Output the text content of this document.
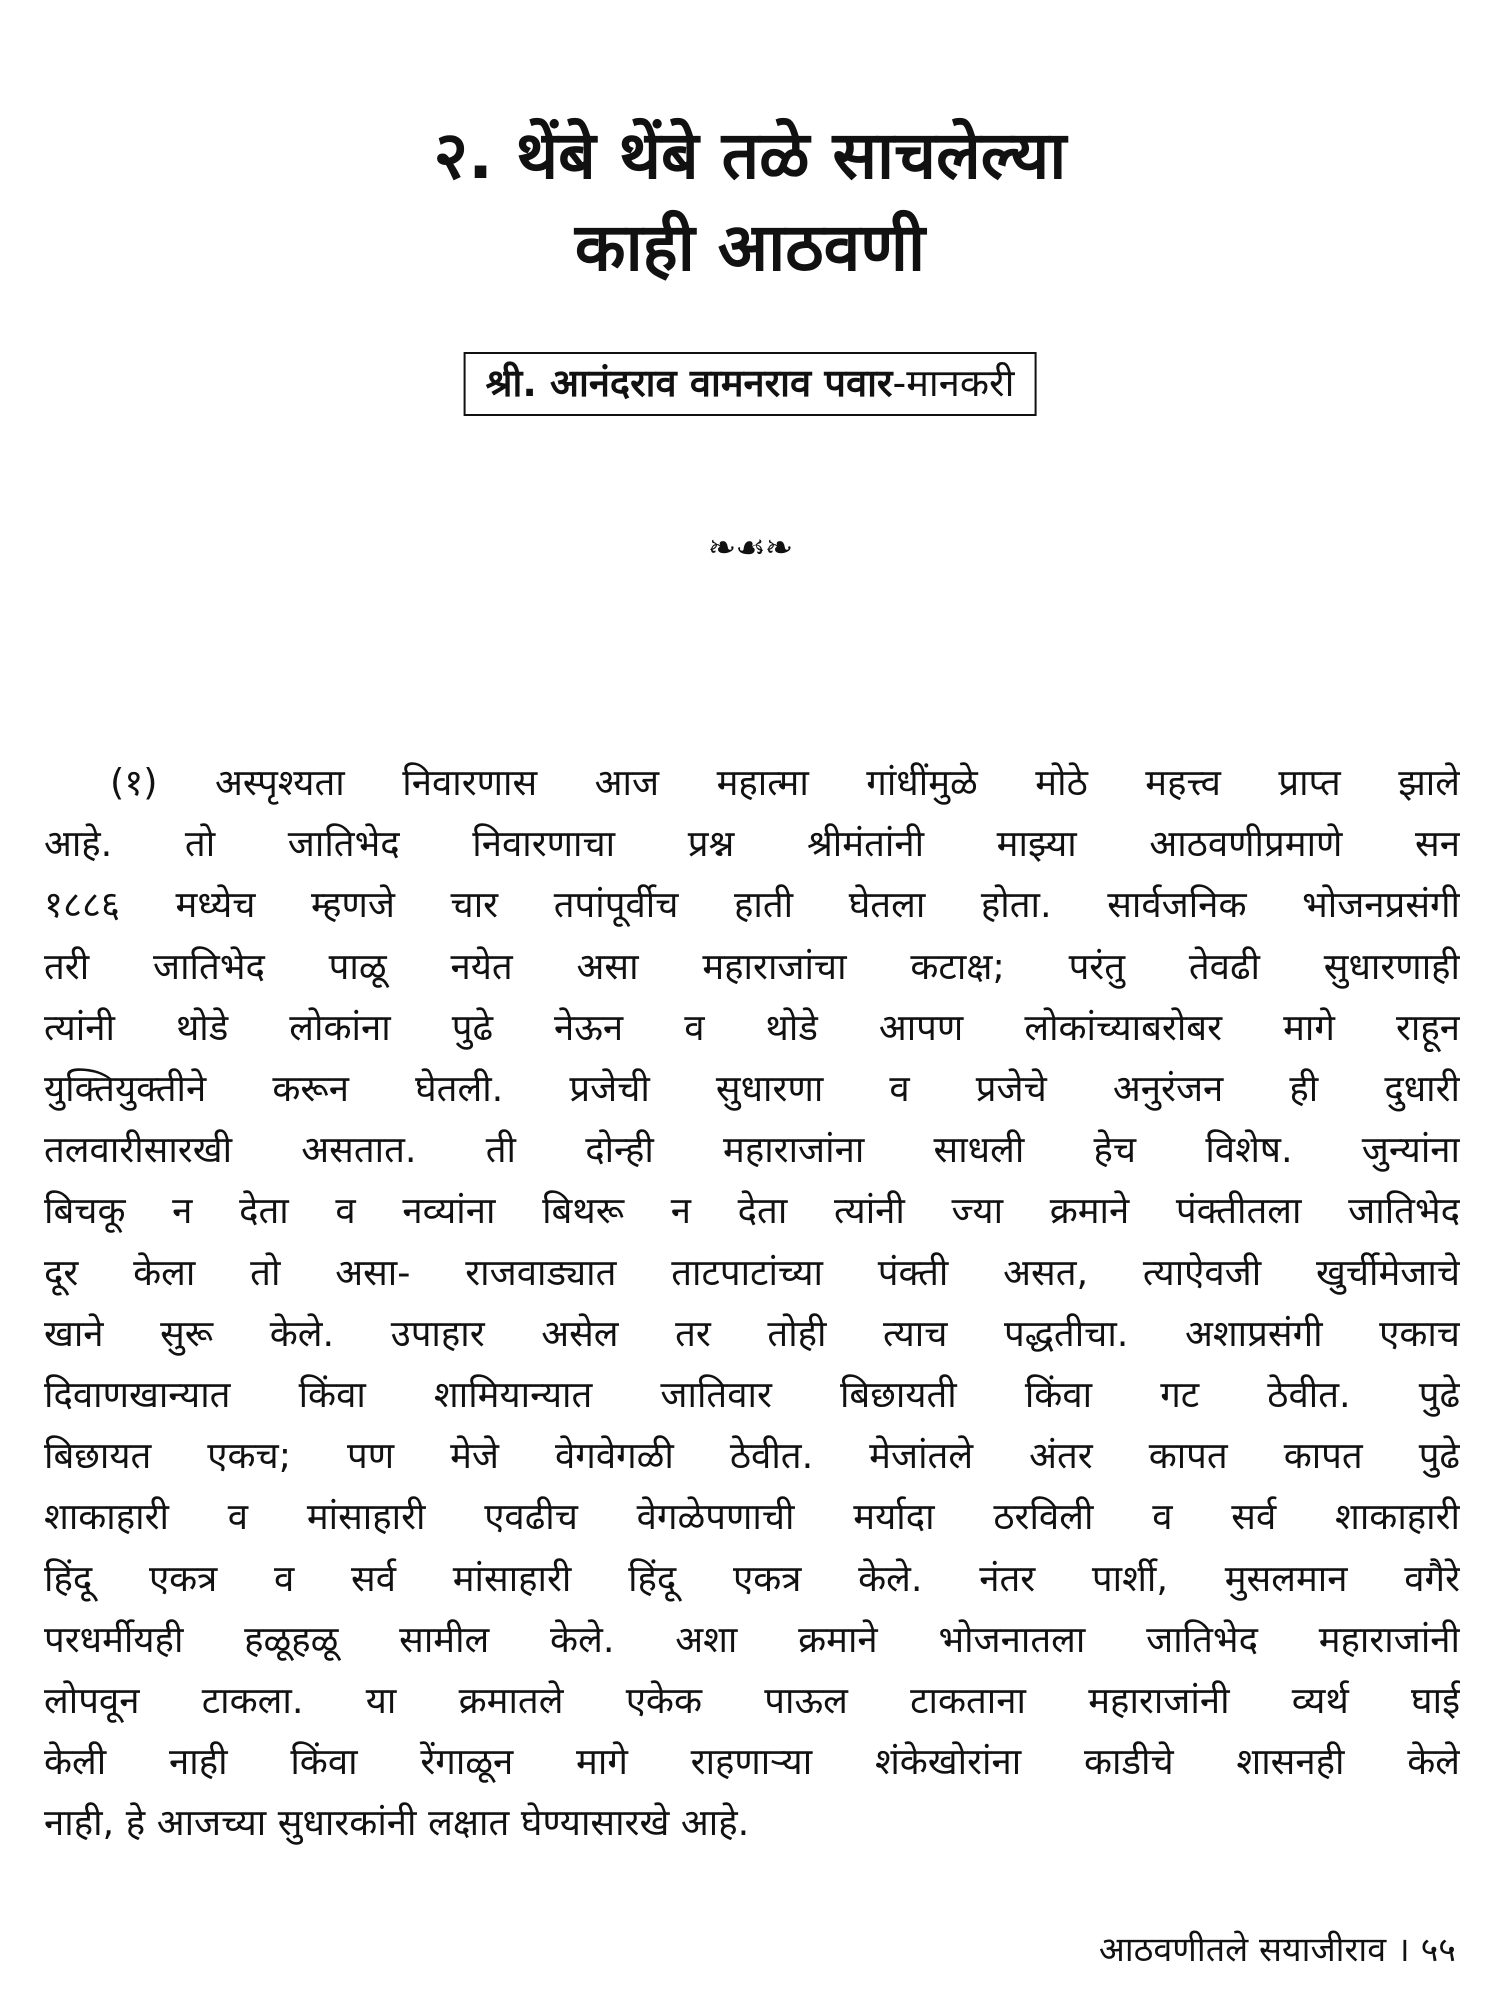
२. थेंबे थेंबे तळे साचलेल्या
काही आठवणी
श्री. आनंदराव वामनराव पवार-मानकरी
❧☙❧
(१) अस्पृश्यता निवारणास आज महात्मा गांधींमुळे मोठे महत्त्व प्राप्त झाले
आहे. तो जातिभेद निवारणाचा प्रश्न श्रीमंतांनी माझ्या आठवणीप्रमाणे सन
१८८६ मध्येच म्हणजे चार तपांपूर्वीच हाती घेतला होता. सार्वजनिक भोजनप्रसंगी
तरी जातिभेद पाळू नयेत असा महाराजांचा कटाक्ष; परंतु तेवढी सुधारणाही
त्यांनी थोडे लोकांना पुढे नेऊन व थोडे आपण लोकांच्याबरोबर मागे राहून
युक्तियुक्तीने करून घेतली. प्रजेची सुधारणा व प्रजेचे अनुरंजन ही दुधारी
तलवारीसारखी असतात. ती दोन्ही महाराजांना साधली हेच विशेष. जुन्यांना
बिचकू न देता व नव्यांना बिथरू न देता त्यांनी ज्या क्रमाने पंक्तीतला जातिभेद
दूर केला तो असा- राजवाड्यात ताटपाटांच्या पंक्ती असत, त्याऐवजी खुर्चीमेजाचे
खाने सुरू केले. उपाहार असेल तर तोही त्याच पद्धतीचा. अशाप्रसंगी एकाच
दिवाणखान्यात किंवा शामियान्यात जातिवार बिछायती किंवा गट ठेवीत. पुढे
बिछायत एकच; पण मेजे वेगवेगळी ठेवीत. मेजांतले अंतर कापत कापत पुढे
शाकाहारी व मांसाहारी एवढीच वेगळेपणाची मर्यादा ठरविली व सर्व शाकाहारी
हिंदू एकत्र व सर्व मांसाहारी हिंदू एकत्र केले. नंतर पार्शी, मुसलमान वगैरे
परधर्मीयही हळूहळू सामील केले. अशा क्रमाने भोजनातला जातिभेद महाराजांनी
लोपवून टाकला. या क्रमातले एकेक पाऊल टाकताना महाराजांनी व्यर्थ घाई
केली नाही किंवा रेंगाळून मागे राहणाऱ्या शंकेखोरांना काडीचे शासनही केले
नाही, हे आजच्या सुधारकांनी लक्षात घेण्यासारखे आहे.
आठवणीतले सयाजीराव । ५५
